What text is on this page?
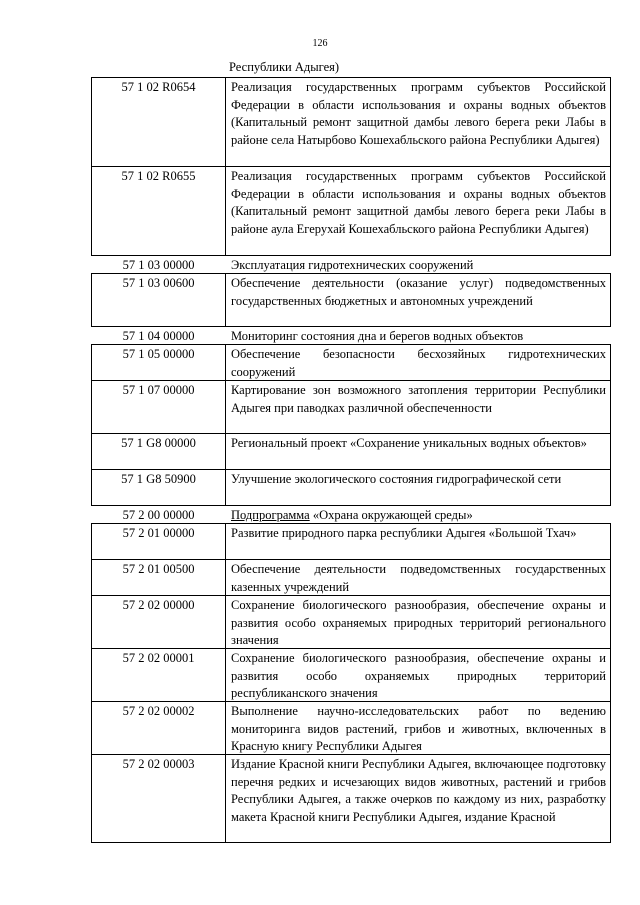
126
Республики Адыгея)
57 1 02 R0654	Реализация государственных программ субъектов Российской Федерации в области использования и охраны водных объектов (Капитальный ремонт защитной дамбы левого берега реки Лабы в районе села Натырбово Кошехабльского района Республики Адыгея)
57 1 02 R0655	Реализация государственных программ субъектов Российской Федерации в области использования и охраны водных объектов (Капитальный ремонт защитной дамбы левого берега реки Лабы в районе аула Егерухай Кошехабльского района Республики Адыгея)
57 1 03 00000	Эксплуатация гидротехнических сооружений
57 1 03 00600	Обеспечение деятельности (оказание услуг) подведомственных государственных бюджетных и автономных учреждений
57 1 04 00000	Мониторинг состояния дна и берегов водных объектов
57 1 05 00000	Обеспечение безопасности бесхозяйных гидротехнических сооружений
57 1 07 00000	Картирование зон возможного затопления территории Республики Адыгея при паводках различной обеспеченности
57 1 G8 00000	Региональный проект «Сохранение уникальных водных объектов»
57 1 G8 50900	Улучшение экологического состояния гидрографической сети
57 2 00 00000	Подпрограмма «Охрана окружающей среды»
57 2 01 00000	Развитие природного парка республики Адыгея «Большой Тхач»
57 2 01 00500	Обеспечение деятельности подведомственных государственных казенных учреждений
57 2 02 00000	Сохранение биологического разнообразия, обеспечение охраны и развития особо охраняемых природных территорий регионального значения
57 2 02 00001	Сохранение биологического разнообразия, обеспечение охраны и развития особо охраняемых природных территорий республиканского значения
57 2 02 00002	Выполнение научно-исследовательских работ по ведению мониторинга видов растений, грибов и животных, включенных в Красную книгу Республики Адыгея
57 2 02 00003	Издание Красной книги Республики Адыгея, включающее подготовку перечня редких и исчезающих видов животных, растений и грибов Республики Адыгея, а также очерков по каждому из них, разработку макета Красной книги Республики Адыгея, издание Красной
